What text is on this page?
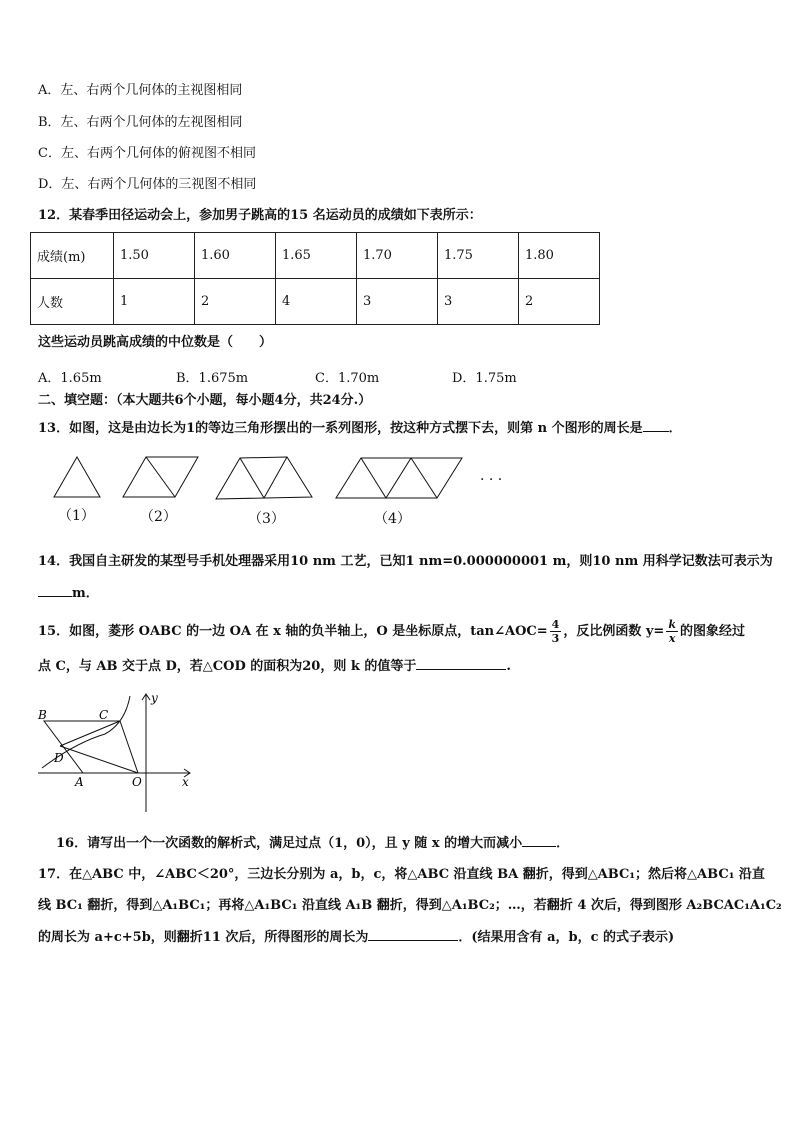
A．左、右两个几何体的主视图相同
B．左、右两个几何体的左视图相同
C．左、右两个几何体的俯视图不相同
D．左、右两个几何体的三视图不相同
12．某春季田径运动会上，参加男子跳高的15 名运动员的成绩如下表所示：
成绩(m)	1.50	1.60	1.65	1.70	1.75	1.80
人数	1	2	4	3	3	2
这些运动员跳高成绩的中位数是（　　）
A．1.65m	B．1.675m	C．1.70m	D．1.75m
二、填空题：（本大题共6个小题，每小题4分，共24分.）
13．如图，这是由边长为1的等边三角形摆出的一系列图形，按这种方式摆下去，则第 n 个图形的周长是 ．
（1）	（2）	（3）	（4）
· · ·
14．我国自主研发的某型号手机处理器采用10 nm 工艺，已知1 nm=0.000000001 m，则10 nm 用科学记数法可表示为
m．
15．如图，菱形 OABC 的一边 OA 在 x 轴的负半轴上，O 是坐标原点，tan∠AOC= $\frac{4}{3}$ ，反比例函数 $y= \frac{k}{x}$ 的图象经过
点 C，与 AB 交于点 D，若△COD 的面积为20，则 k 的值等于	.
B	C
D
A	O	x
y
16．请写出一个一次函数的解析式，满足过点（1，0），且 y 随 x 的增大而减小	．
17．在△ABC 中，∠ABC＜20°，三边长分别为 a，b，c，将△ABC 沿直线 BA 翻折，得到△ABC₁；然后将△ABC₁ 沿直
线 BC₁ 翻折，得到△A₁BC₁；再将△A₁BC₁ 沿直线 A₁B 翻折，得到△A₁BC₂；…，若翻折 4 次后，得到图形 A₂BCAC₁A₁C₂
的周长为 a+c+5b，则翻折11 次后，所得图形的周长为	．(结果用含有 a，b，c 的式子表示)
